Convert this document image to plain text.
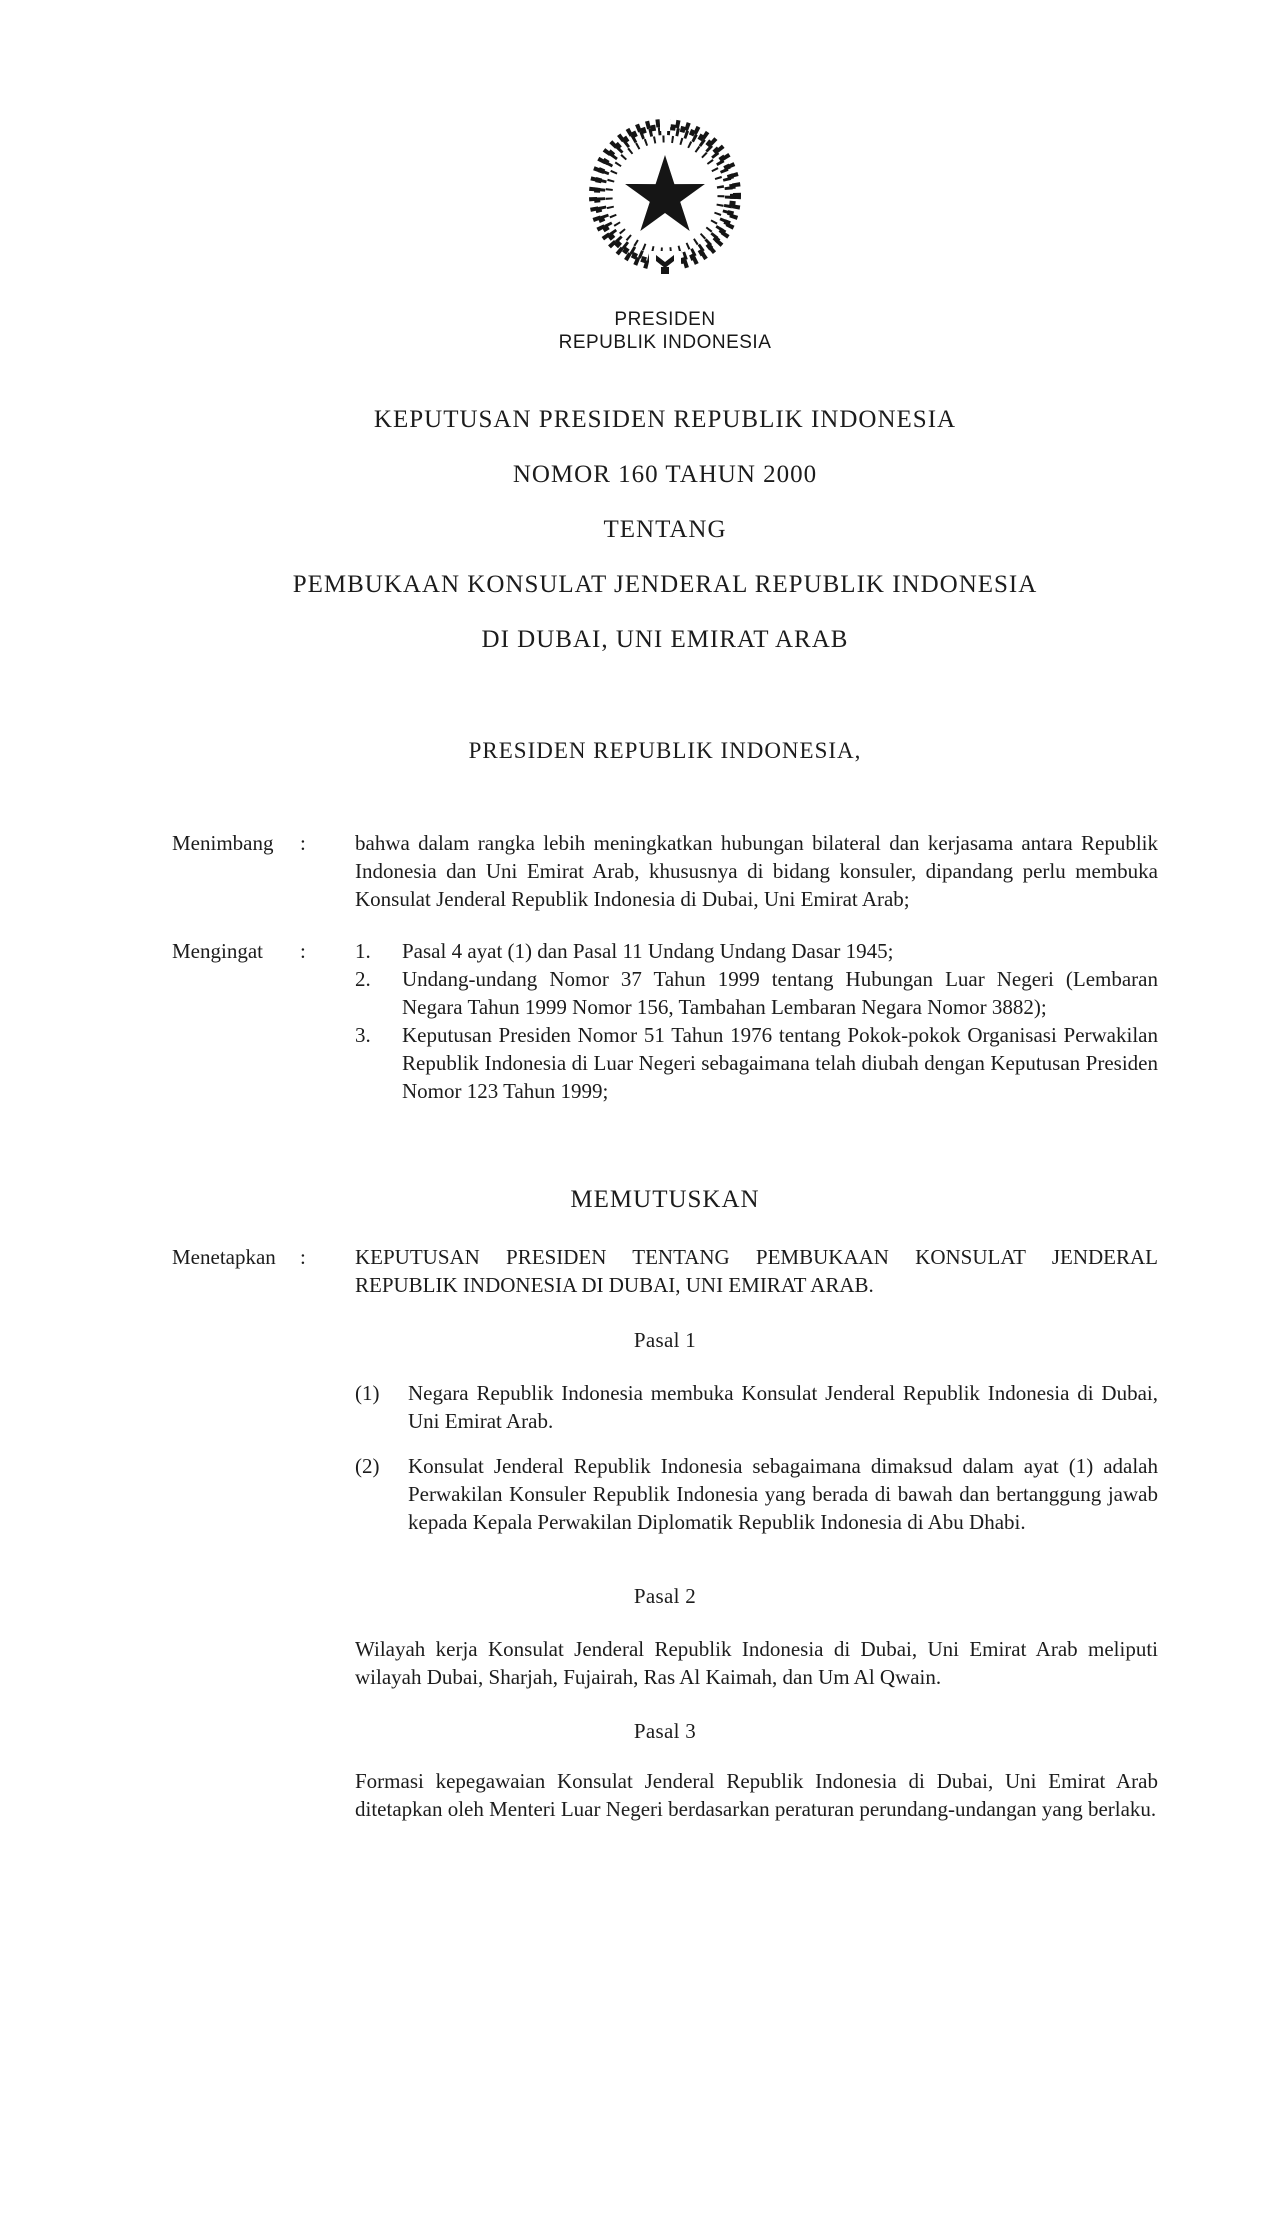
PRESIDEN
REPUBLIK INDONESIA
KEPUTUSAN PRESIDEN REPUBLIK INDONESIA
NOMOR 160 TAHUN 2000
TENTANG
PEMBUKAAN KONSULAT JENDERAL REPUBLIK INDONESIA
DI DUBAI, UNI EMIRAT ARAB
PRESIDEN REPUBLIK INDONESIA,
Menimbang : bahwa dalam rangka lebih meningkatkan hubungan bilateral dan kerjasama antara Republik Indonesia dan Uni Emirat Arab, khususnya di bidang konsuler, dipandang perlu membuka Konsulat Jenderal Republik Indonesia di Dubai, Uni Emirat Arab;
Mengingat : 1.	Pasal 4 ayat (1) dan Pasal 11 Undang Undang Dasar 1945;
2.	Undang-undang Nomor 37 Tahun 1999 tentang Hubungan Luar Negeri (Lembaran Negara Tahun 1999 Nomor 156, Tambahan Lembaran Negara Nomor 3882);
3.	Keputusan Presiden Nomor 51 Tahun 1976 tentang Pokok-pokok Organisasi Perwakilan Republik Indonesia di Luar Negeri sebagaimana telah diubah dengan Keputusan Presiden Nomor 123 Tahun 1999;
MEMUTUSKAN
Menetapkan : KEPUTUSAN PRESIDEN TENTANG PEMBUKAAN KONSULAT JENDERAL REPUBLIK INDONESIA DI DUBAI, UNI EMIRAT ARAB.
Pasal 1
(1)	Negara Republik Indonesia membuka Konsulat Jenderal Republik Indonesia di Dubai, Uni Emirat Arab.
(2)	Konsulat Jenderal Republik Indonesia sebagaimana dimaksud dalam ayat (1) adalah Perwakilan Konsuler Republik Indonesia yang berada di bawah dan bertanggung jawab kepada Kepala Perwakilan Diplomatik Republik Indonesia di Abu Dhabi.
Pasal 2
Wilayah kerja Konsulat Jenderal Republik Indonesia di Dubai, Uni Emirat Arab meliputi wilayah Dubai, Sharjah, Fujairah, Ras Al Kaimah, dan Um Al Qwain.
Pasal 3
Formasi kepegawaian Konsulat Jenderal Republik Indonesia di Dubai, Uni Emirat Arab ditetapkan oleh Menteri Luar Negeri berdasarkan peraturan perundang-undangan yang berlaku.
